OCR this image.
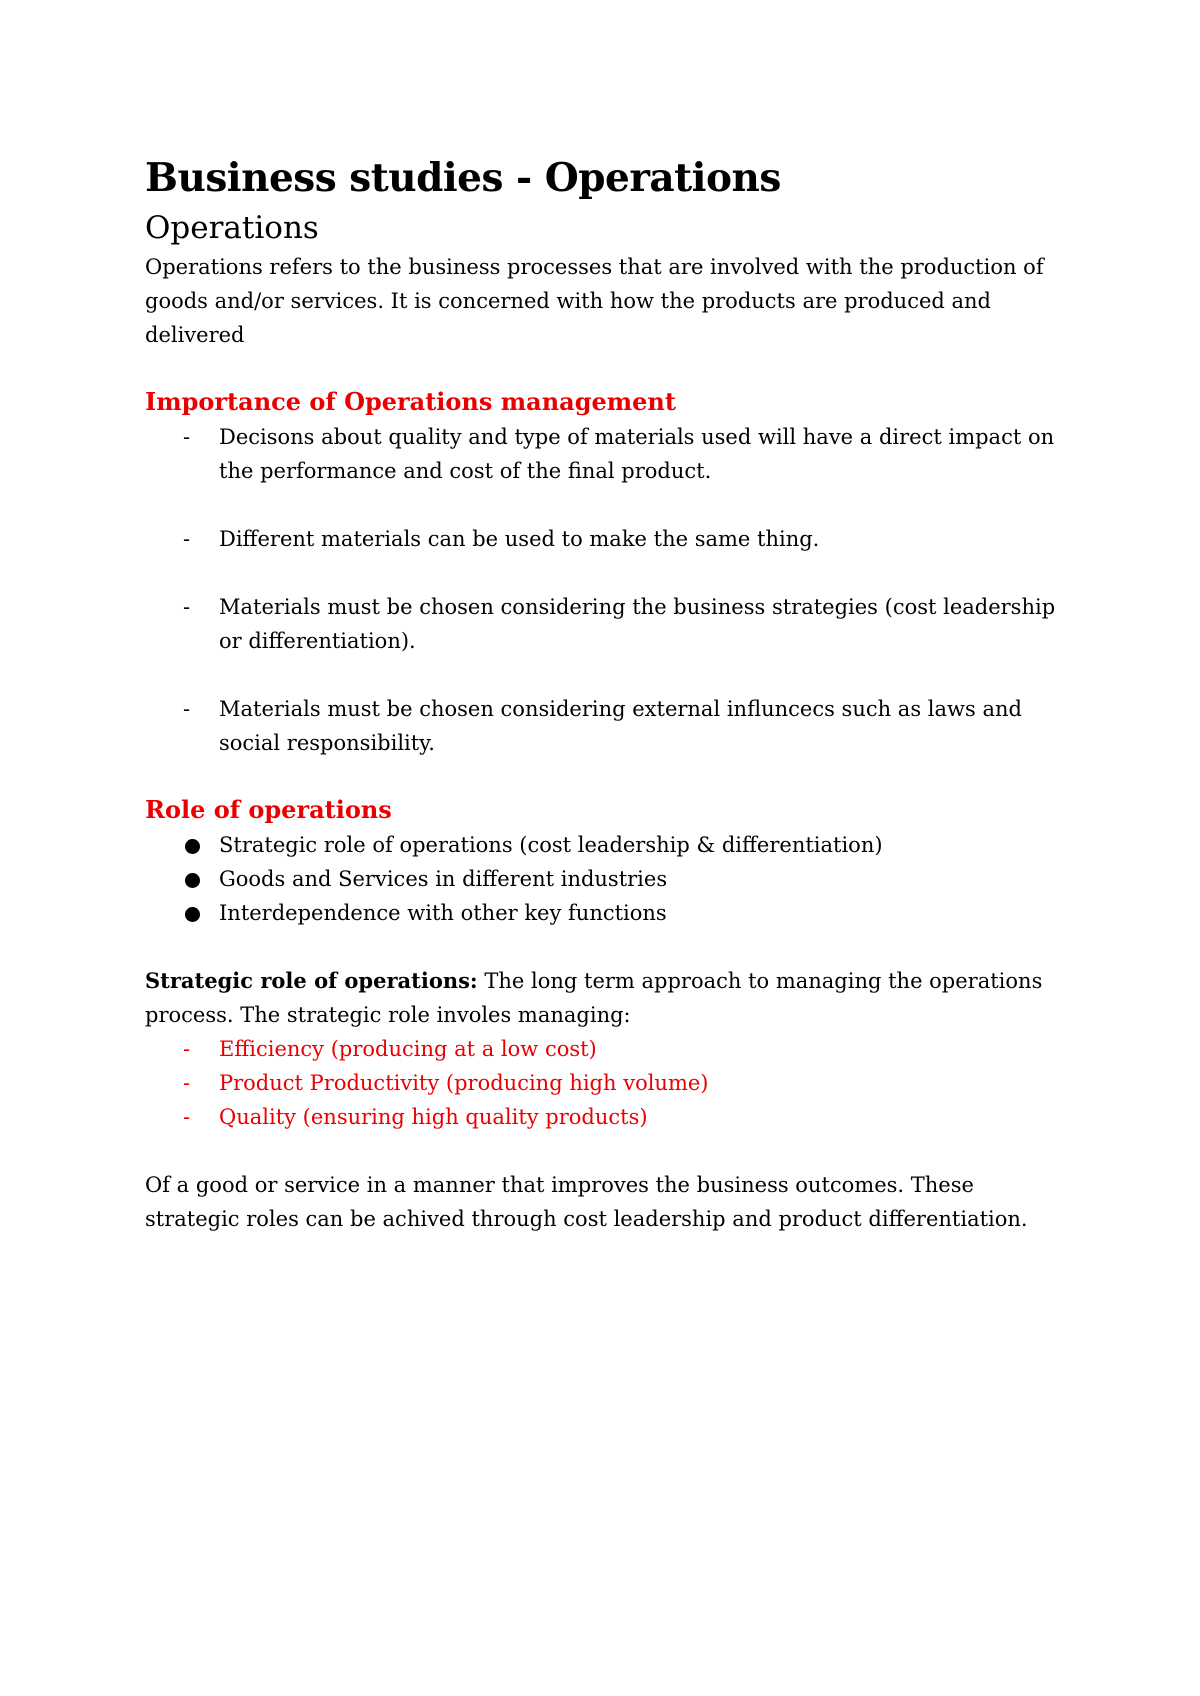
Business studies - Operations
Operations

Operations refers to the business processes that are involved with the production of goods and/or services. It is concerned with how the products are produced and delivered

Importance of Operations management
- Decisons about quality and type of materials used will have a direct impact on the performance and cost of the final product.
- Different materials can be used to make the same thing.
- Materials must be chosen considering the business strategies (cost leadership or differentiation).
- Materials must be chosen considering external influncecs such as laws and social responsibility.
Role of operations
Strategic role of operations (cost leadership & differentiation)
Goods and Services in different industries
Interdependence with other key functions

Strategic role of operations: The long term approach to managing the operations process. The strategic role involes managing:

- Efficiency (producing at a low cost)
- Product Productivity (producing high volume)
- Quality (ensuring high quality products)

Of a good or service in a manner that improves the business outcomes. These strategic roles can be achived through cost leadership and product differentiation.
